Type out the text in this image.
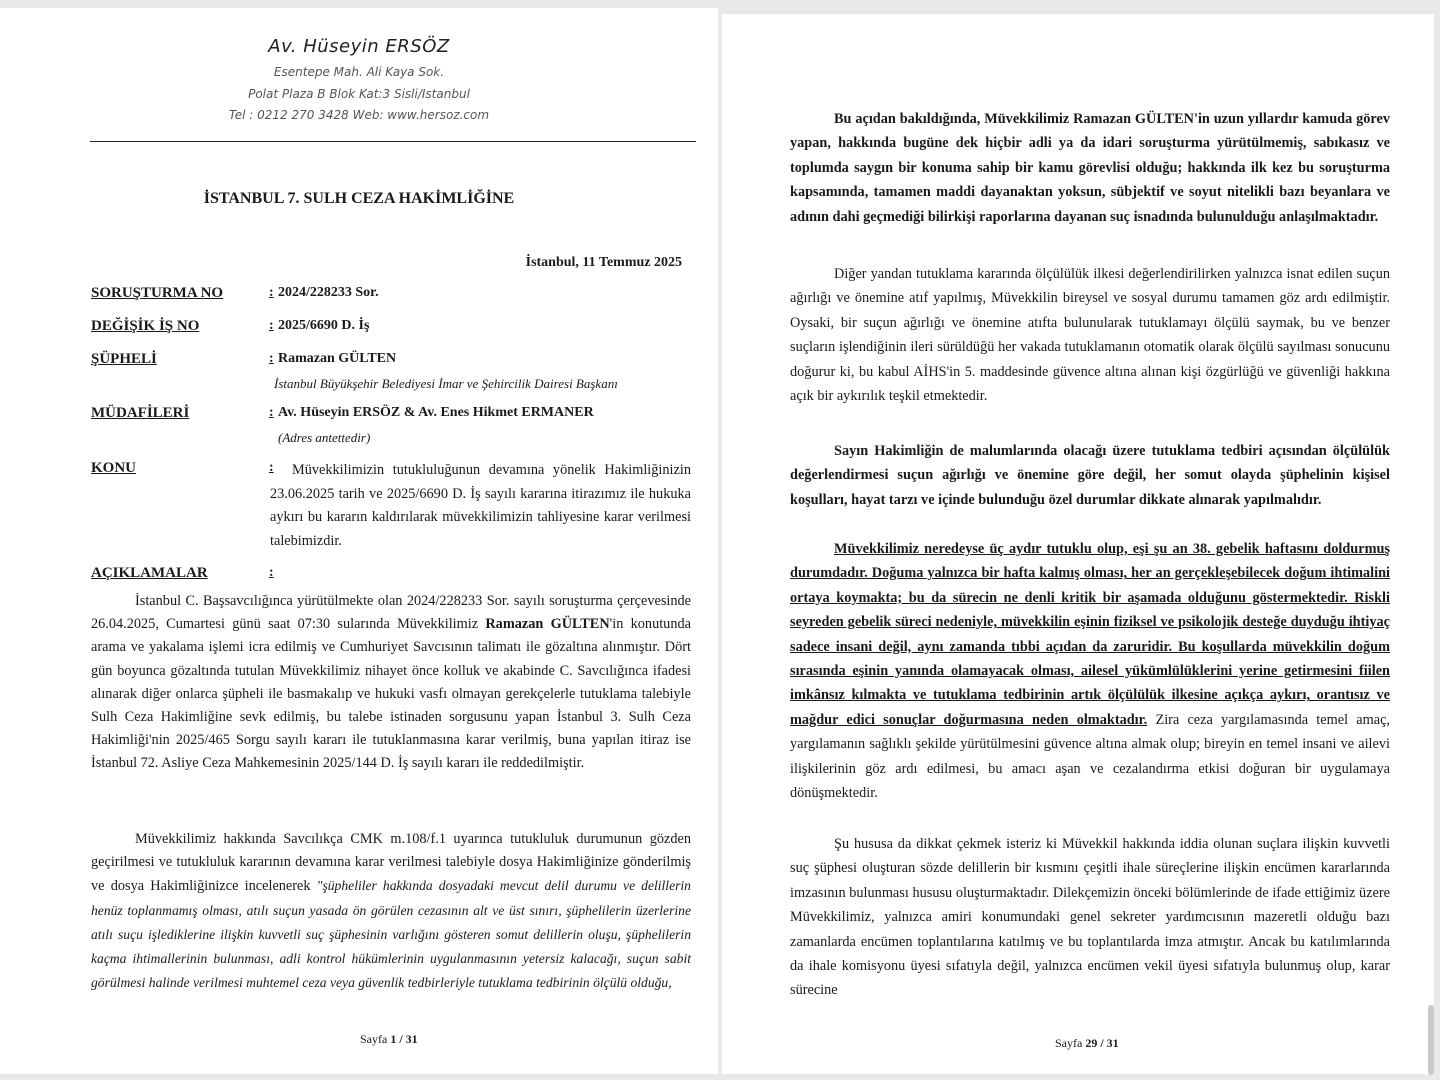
Av. Hüseyin ERSÖZ
Esentepe Mah. Ali Kaya Sok.
Polat Plaza B Blok Kat:3 Sisli/Istanbul
Tel : 0212 270 3428 Web: www.hersoz.com
İSTANBUL 7. SULH CEZA HAKİMLİĞİNE
İstanbul, 11 Temmuz 2025
SORUŞTURMA NO	: 2024/228233 Sor.
DEĞİŞİK İŞ NO	: 2025/6690 D. İş
ŞÜPHELİ	: Ramazan GÜLTEN
İstanbul Büyükşehir Belediyesi İmar ve Şehircilik Dairesi Başkanı
MÜDAFİLERİ	: Av. Hüseyin ERSÖZ & Av. Enes Hikmet ERMANER
(Adres antettedir)
KONU	:	Müvekkilimizin tutukluluğunun devamına yönelik Hakimliğinizin 23.06.2025 tarih ve 2025/6690 D. İş sayılı kararına itirazımız ile hukuka aykırı bu kararın kaldırılarak müvekkilimizin tahliyesine karar verilmesi talebimizdir.
AÇIKLAMALAR	:
İstanbul C. Başsavcılığınca yürütülmekte olan 2024/228233 Sor. sayılı soruşturma çerçevesinde 26.04.2025, Cumartesi günü saat 07:30 sularında Müvekkilimiz Ramazan GÜLTEN'in konutunda arama ve yakalama işlemi icra edilmiş ve Cumhuriyet Savcısının talimatı ile gözaltına alınmıştır. Dört gün boyunca gözaltında tutulan Müvekkilimiz nihayet önce kolluk ve akabinde C. Savcılığınca ifadesi alınarak diğer onlarca şüpheli ile basmakalıp ve hukuki vasfı olmayan gerekçelerle tutuklama talebiyle Sulh Ceza Hakimliğine sevk edilmiş, bu talebe istinaden sorgusunu yapan İstanbul 3. Sulh Ceza Hakimliği'nin 2025/465 Sorgu sayılı kararı ile tutuklanmasına karar verilmiş, buna yapılan itiraz ise İstanbul 72. Asliye Ceza Mahkemesinin 2025/144 D. İş sayılı kararı ile reddedilmiştir.
Müvekkilimiz hakkında Savcılıkça CMK m.108/f.1 uyarınca tutukluluk durumunun gözden geçirilmesi ve tutukluluk kararının devamına karar verilmesi talebiyle dosya Hakimliğinize gönderilmiş ve dosya Hakimliğinizce incelenerek "şüpheliler hakkında dosyadaki mevcut delil durumu ve delillerin henüz toplanmamış olması, atılı suçun yasada ön görülen cezasının alt ve üst sınırı, şüphelilerin üzerlerine atılı suçu işlediklerine ilişkin kuvvetli suç şüphesinin varlığını gösteren somut delillerin oluşu, şüphelilerin kaçma ihtimallerinin bulunması, adli kontrol hükümlerinin uygulanmasının yetersiz kalacağı, suçun sabit görülmesi halinde verilmesi muhtemel ceza veya güvenlik tedbirleriyle tutuklama tedbirinin ölçülü olduğu,
Sayfa 1 / 31
Bu açıdan bakıldığında, Müvekkilimiz Ramazan GÜLTEN'in uzun yıllardır kamuda görev yapan, hakkında bugüne dek hiçbir adli ya da idari soruşturma yürütülmemiş, sabıkasız ve toplumda saygın bir konuma sahip bir kamu görevlisi olduğu; hakkında ilk kez bu soruşturma kapsamında, tamamen maddi dayanaktan yoksun, sübjektif ve soyut nitelikli bazı beyanlara ve adının dahi geçmediği bilirkişi raporlarına dayanan suç isnadında bulunulduğu anlaşılmaktadır.
Diğer yandan tutuklama kararında ölçülülük ilkesi değerlendirilirken yalnızca isnat edilen suçun ağırlığı ve önemine atıf yapılmış, Müvekkilin bireysel ve sosyal durumu tamamen göz ardı edilmiştir. Oysaki, bir suçun ağırlığı ve önemine atıfta bulunularak tutuklamayı ölçülü saymak, bu ve benzer suçların işlendiğinin ileri sürüldüğü her vakada tutuklamanın otomatik olarak ölçülü sayılması sonucunu doğurur ki, bu kabul AİHS'in 5. maddesinde güvence altına alınan kişi özgürlüğü ve güvenliği hakkına açık bir aykırılık teşkil etmektedir.
Sayın Hakimliğin de malumlarında olacağı üzere tutuklama tedbiri açısından ölçülülük değerlendirmesi suçun ağırlığı ve önemine göre değil, her somut olayda şüphelinin kişisel koşulları, hayat tarzı ve içinde bulunduğu özel durumlar dikkate alınarak yapılmalıdır.
Müvekkilimiz neredeyse üç aydır tutuklu olup, eşi şu an 38. gebelik haftasını doldurmuş durumdadır. Doğuma yalnızca bir hafta kalmış olması, her an gerçekleşebilecek doğum ihtimalini ortaya koymakta; bu da sürecin ne denli kritik bir aşamada olduğunu göstermektedir. Riskli seyreden gebelik süreci nedeniyle, müvekkilin eşinin fiziksel ve psikolojik desteğe duyduğu ihtiyaç sadece insani değil, aynı zamanda tıbbi açıdan da zaruridir. Bu koşullarda müvekkilin doğum sırasında eşinin yanında olamayacak olması, ailesel yükümlülüklerini yerine getirmesini fiilen imkânsız kılmakta ve tutuklama tedbirinin artık ölçülülük ilkesine açıkça aykırı, orantısız ve mağdur edici sonuçlar doğurmasına neden olmaktadır. Zira ceza yargılamasında temel amaç, yargılamanın sağlıklı şekilde yürütülmesini güvence altına almak olup; bireyin en temel insani ve ailevi ilişkilerinin göz ardı edilmesi, bu amacı aşan ve cezalandırma etkisi doğuran bir uygulamaya dönüşmektedir.
Şu hususa da dikkat çekmek isteriz ki Müvekkil hakkında iddia olunan suçlara ilişkin kuvvetli suç şüphesi oluşturan sözde delillerin bir kısmını çeşitli ihale süreçlerine ilişkin encümen kararlarında imzasının bulunması hususu oluşturmaktadır. Dilekçemizin önceki bölümlerinde de ifade ettiğimiz üzere Müvekkilimiz, yalnızca amiri konumundaki genel sekreter yardımcısının mazeretli olduğu bazı zamanlarda encümen toplantılarına katılmış ve bu toplantılarda imza atmıştır. Ancak bu katılımlarında da ihale komisyonu üyesi sıfatıyla değil, yalnızca encümen vekil üyesi sıfatıyla bulunmuş olup, karar sürecine
Sayfa 29 / 31
